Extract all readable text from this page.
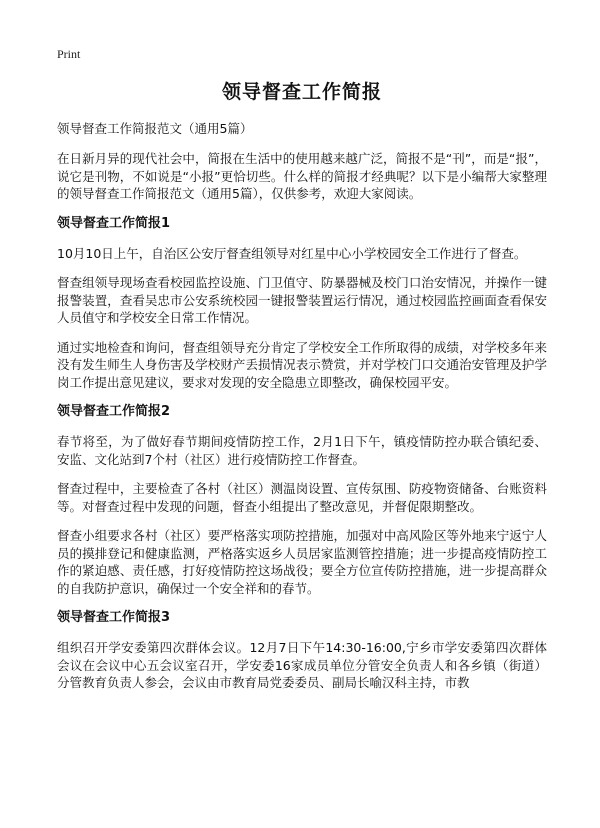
Print
领导督查工作简报
领导督查工作简报范文（通用5篇）

在日新月异的现代社会中，简报在生活中的使用越来越广泛，简报不是“刊”，而是“报”，说它是刊物，不如说是“小报”更恰切些。什么样的简报才经典呢？以下是小编帮大家整理的领导督查工作简报范文（通用5篇），仅供参考，欢迎大家阅读。

领导督查工作简报1

10月10日上午，自治区公安厅督查组领导对红星中心小学校园安全工作进行了督查。

督查组领导现场查看校园监控设施、门卫值守、防暴器械及校门口治安情况，并操作一键报警装置，查看吴忠市公安系统校园一键报警装置运行情况，通过校园监控画面查看保安人员值守和学校安全日常工作情况。

通过实地检查和询问，督查组领导充分肯定了学校安全工作所取得的成绩，对学校多年来没有发生师生人身伤害及学校财产丢损情况表示赞赏，并对学校门口交通治安管理及护学岗工作提出意见建议，要求对发现的安全隐患立即整改，确保校园平安。

领导督查工作简报2

春节将至，为了做好春节期间疫情防控工作，2月1日下午，镇疫情防控办联合镇纪委、安监、文化站到7个村（社区）进行疫情防控工作督查。

督查过程中，主要检查了各村（社区）测温岗设置、宣传氛围、防疫物资储备、台账资料等。对督查过程中发现的问题，督查小组提出了整改意见，并督促限期整改。

督查小组要求各村（社区）要严格落实项防控措施，加强对中高风险区等外地来宁返宁人员的摸排登记和健康监测，严格落实返乡人员居家监测管控措施；进一步提高疫情防控工作的紧迫感、责任感，打好疫情防控这场战役；要全方位宣传防控措施，进一步提高群众的自我防护意识，确保过一个安全祥和的春节。

领导督查工作简报3

组织召开学安委第四次群体会议。12月7日下午14:30-16:00,宁乡市学安委第四次群体会议在会议中心五会议室召开，学安委16家成员单位分管安全负责人和各乡镇（街道）分管教育负责人参会，会议由市教育局党委委员、副局长喻汉科主持，市教
